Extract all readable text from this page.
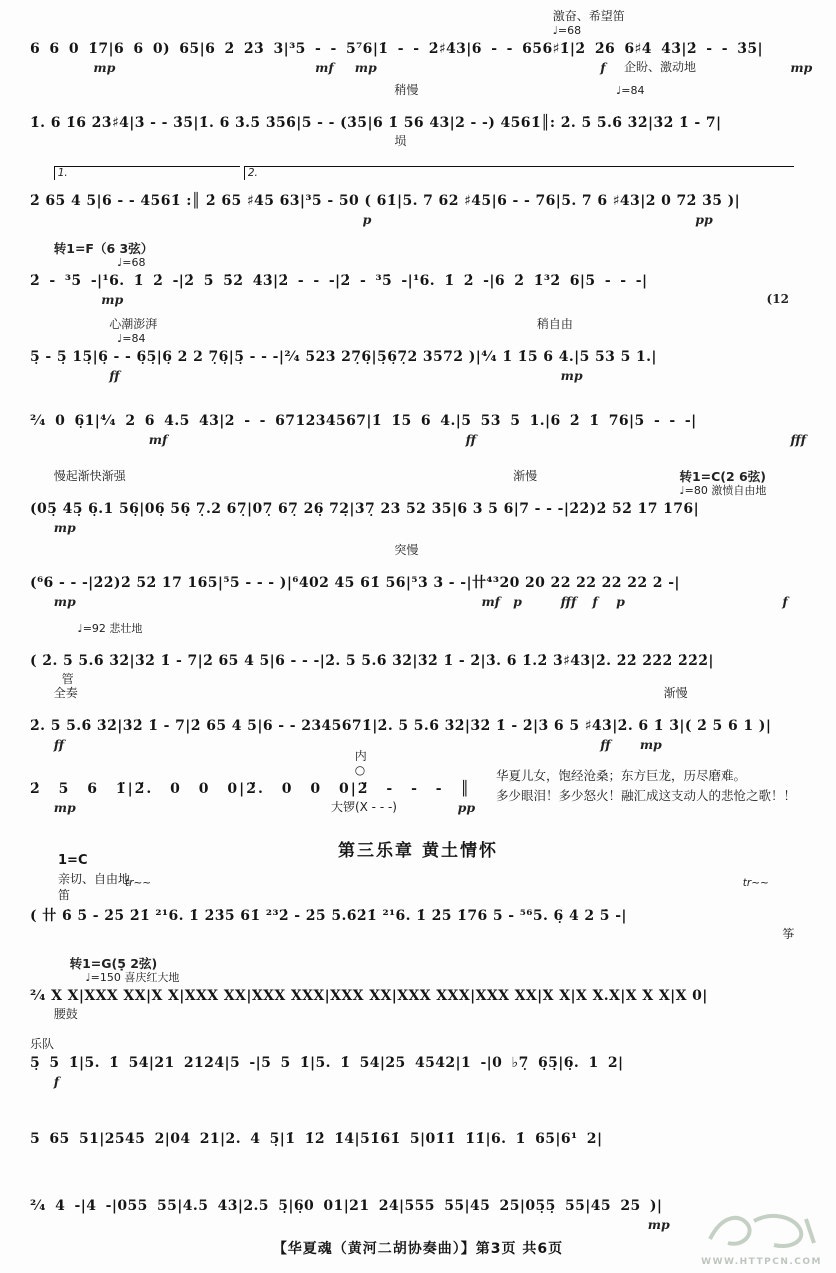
激奋、希望笛
♩=68
6 6 0 1̇7|6 6 0) 65|6 2̇ 2̇3̇ 3|³5 - - 5⁷6|1̇ - - 2̇♯4̇3|6 - - 656♯1̇|2̇ 2̇6 6♯4̇ 4̇3̇|2̇ - - 3̇5̇|
mp	mf mp	f 企盼、激动地	mp
稍慢	♩=84
1̇. 6 1̇6 2̇3̇♯4̇|3̇ - - 3̇5̇|1̇. 6 3̇.5̇ 3̇5̇6̇|5 - - (3̇5̇|6 1̇ 56 43|2 - -) 4561̇║: 2̇. 5̇ 5̇.6̇ 3̇2̇|3̇2̇ 1̇ - 7|
埙
1.	2.
2̇ 65 4 5|6 - - 4561̇ :║ 2̇ 65 ♯45 63|³5 - 50 ( 61̇|5. 7 62 ♯45|6 - - 76|5. 7 6 ♯43|2 0 72̇ 3̇5̇ )|
p	pp
转1=F（6 3弦）
♩=68
2̇ - ³5̇ -|¹6. 1̇ 2̇ -|2̇ 5̇ 5̇2̇ 4̇3̇|2̇ - - -|2̇ - ³5̇ -|¹6. 1̇ 2̇ -|6 2̇ 1̇³2̇ 6|5 - - -|
mp	(12
心潮澎湃
♩=84
稍自由
5̣ - 5̣ 15̣|6̣ - - 6̣5̣|6̣ 2 2 7̣6̣|5̣ - - -|²⁄₄ 523 27̣6̣|5̣6̣7̣2 3572̇ )|⁴⁄₄ 1̇ 1̇5 6 4.|5 53 5 1.|
ff	mp
²⁄₄ 0 6̣1|⁴⁄₄ 2 6 4.5 43|2 - - 671234567|1̇ 1̇5 6 4.|5 53 5 1.|6 2̇ 1̇ 76|5 - - -|
mf	ff	fff
慢起渐快渐强	渐慢	转1=C(2 6弦)
♩=80 激愤自由地
(05̣ 45̣ 6̣.1 56̣|06̣ 56̣ 7̣.2 67̣|07̣ 67̣ 26̣ 72̣|37̣ 23 52 35|6 3 5 6|7 - - -|2̇2̇)2̇ 52̇ 17 176|
mp
突慢
(⁶6 - - -|2̇2̇)2̇ 52̇ 17 165|⁵5 - - - )|⁶402 45 61̇ 56|⁵3 3 - -|卄⁴³20 20 22 22 22 22 2 -|
mp	mf p	fff f p	f
♩=92 悲壮地
( 2̇. 5 5.6̇ 3̇2̇|3̇2̇ 1̇ - 7|2̇ 65 4 5|6 - - -|2̇. 5 5.6̇ 3̇2̇|3̇2̇ 1̇ - 2̇|3̇. 6 1̇.2̇ 3̇♯4̇3|2̇. 2̇2̇ 2̇2̇2̇ 2̇2̇2̇|
管
全奏	渐慢
2̇. 5 5.6̇ 3̇2̇|3̇2̇ 1̇ - 7|2̇ 65 4 5|6 - - 2345671̇|2̇. 5 5.6̇ 3̇2̇|3̇2̇ 1̇ - 2̇|3̇ 6 5 ♯4̇3̇|2̇. 6 1̇ 3̇|( 2̇ 5 6 1 )|
ff	ff mp
内
○
2̇ 5 6 1̈|2̈. 0 0 0|2̈. 0 0 0|2̈ - - - ║
mp	大锣(X - - -)	pp
华夏儿女，饱经沧桑；东方巨龙，历尽磨难。
多少眼泪！多少怒火！融汇成这支动人的悲怆之歌！！
第三乐章 黄土情怀
1=C
亲切、自由地
笛
tr~~	tr~~
( 卄 6̇ 5̇ - 2̇5̇ 2̇1̇ ²¹6. 1̇ 2̇3̇5̇ 61̇ ²³2̇ - 2̇5̇ 5̇.6̇2̇1̇ ²¹6. 1̇ 2̇5̇ 1̇76 5 - ⁵⁶5. 6̣ 4 2 5̇ -|
筝
转1=G(5̣ 2弦)
♩=150 喜庆红大地
²⁄₄ X X|XXX XX|X X|XXX XX|XXX XXX|XXX XX|XXX XXX|XXX XX|X X|X X.X|X X X|X 0|
腰鼓
乐队
5̣ 5 1̇|5. 1̇ 54|21 2124|5 -|5 5 1̇|5. 1̇ 54|25 4542|1 -|0 ♭7̣ 6̣5̣|6̣. 1 2|
f
5 65 51|2545 2|04 21|2. 4 5̣|1̇ 1̇2̇ 1̇4|51̇61̇ 5|01̇1̇ 1̇1̇|6. 1̇ 65|6¹ 2|
²⁄₄ 4 -|4 -|055 55|4.5 43|2.5 5̣|6̣0 01|21 24|555 55|45 25|05̣5̣ 55|45 25 )|
mp
【华夏魂（黄河二胡协奏曲）】第3页 共6页
WWW.HTTPCN.COM
